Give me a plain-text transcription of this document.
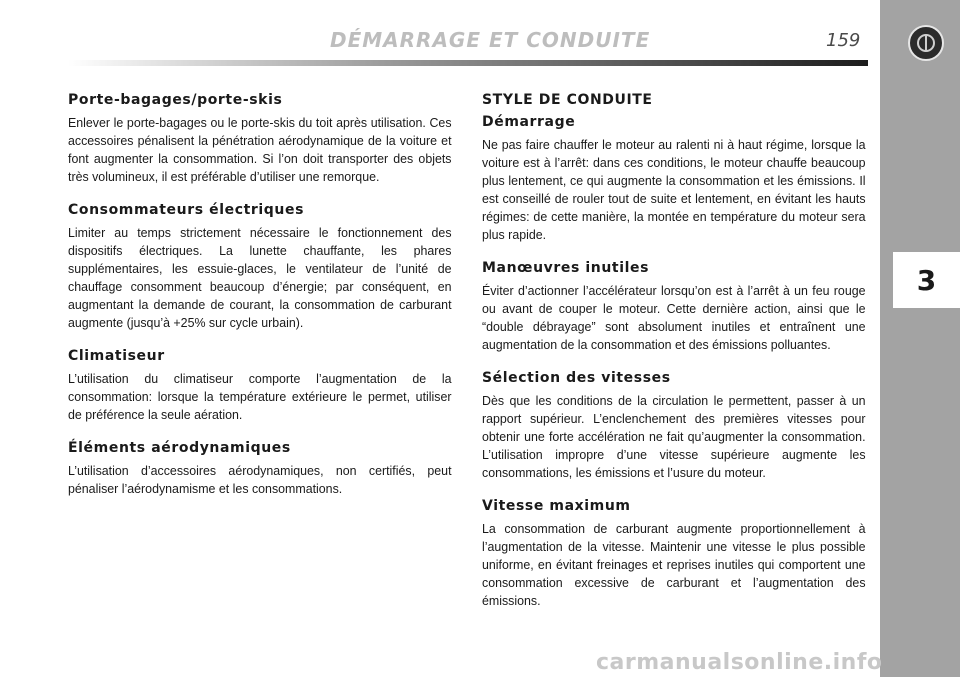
3
DÉMARRAGE ET CONDUITE	159
Porte-bagages/porte-skis

Enlever le porte-bagages ou le porte-skis du toit après utilisation. Ces accessoires pénalisent la pénétration aérodynamique de la voiture et font augmenter la consommation. Si l’on doit transporter des objets très volumineux, il est préférable d’utiliser une remorque.

Consommateurs électriques

Limiter au temps strictement nécessaire le fonctionnement des dispositifs électriques. La lunette chauffante, les phares supplémentaires, les essuie-glaces, le ventilateur de l’unité de chauffage consomment beaucoup d’énergie; par conséquent, en augmentant la demande de courant, la consommation de carburant augmente (jusqu’à +25% sur cycle urbain).

Climatiseur

L’utilisation du climatiseur comporte l’augmentation de la consommation: lorsque la température extérieure le permet, utiliser de préférence la seule aération.

Éléments aérodynamiques

L’utilisation d’accessoires aérodynamiques, non certifiés, peut pénaliser l’aérodynamisme et les consommations.

STYLE DE CONDUITE
Démarrage

Ne pas faire chauffer le moteur au ralenti ni à haut régime, lorsque la voiture est à l’arrêt: dans ces conditions, le moteur chauffe beaucoup plus lentement, ce qui augmente la consommation et les émissions. Il est conseillé de rouler tout de suite et lentement, en évitant les hauts régimes: de cette manière, la montée en température du moteur sera plus rapide.

Manœuvres inutiles

Éviter d’actionner l’accélérateur lorsqu’on est à l’arrêt à un feu rouge ou avant de couper le moteur. Cette dernière action, ainsi que le “double débrayage” sont absolument inutiles et entraînent une augmentation de la consommation et des émissions polluantes.

Sélection des vitesses

Dès que les conditions de la circulation le permettent, passer à un rapport supérieur. L’enclenchement des premières vitesses pour obtenir une forte accélération ne fait qu’augmenter la consommation. L’utilisation impropre d’une vitesse supérieure augmente les consommations, les émissions et l’usure du moteur.

Vitesse maximum

La consommation de carburant augmente proportionnellement à l’augmentation de la vitesse. Maintenir une vitesse le plus possible uniforme, en évitant freinages et reprises inutiles qui comportent une consommation excessive de carburant et l’augmentation des émissions.

carmanualsonline.info
